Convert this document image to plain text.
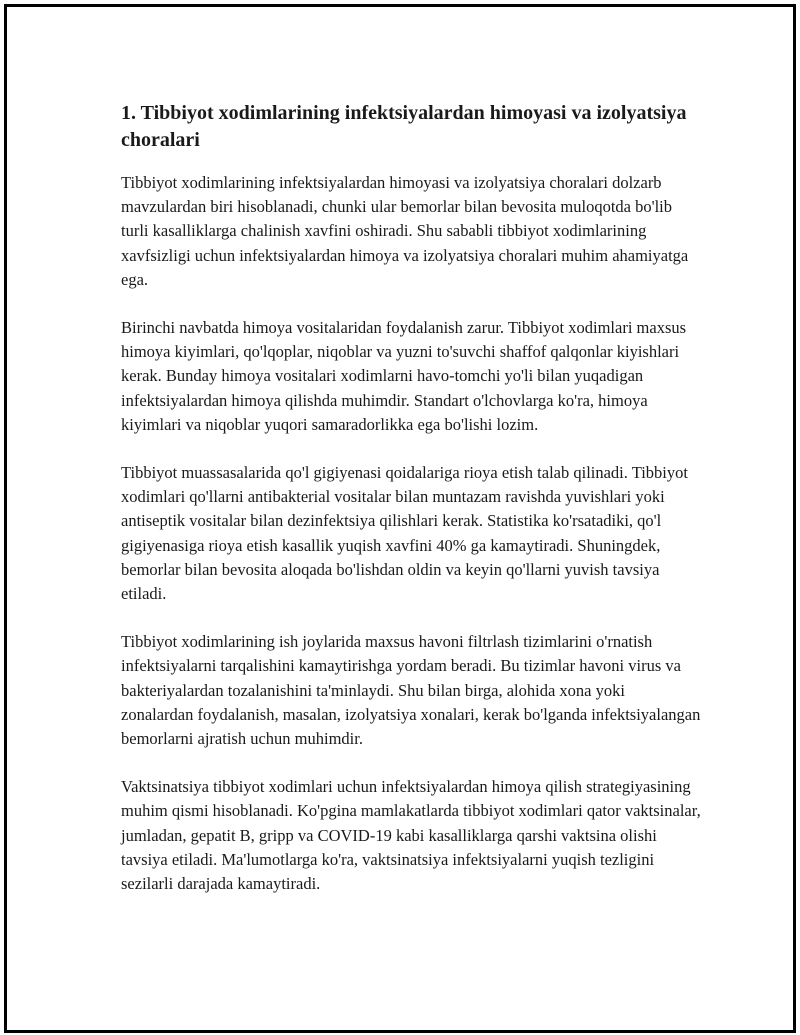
1. Tibbiyot xodimlarining infektsiyalardan himoyasi va izolyatsiya choralari

Tibbiyot xodimlarining infektsiyalardan himoyasi va izolyatsiya choralari dolzarb mavzulardan biri hisoblanadi, chunki ular bemorlar bilan bevosita muloqotda bo'lib turli kasalliklarga chalinish xavfini oshiradi. Shu sababli tibbiyot xodimlarining xavfsizligi uchun infektsiyalardan himoya va izolyatsiya choralari muhim ahamiyatga ega.

Birinchi navbatda himoya vositalaridan foydalanish zarur. Tibbiyot xodimlari maxsus himoya kiyimlari, qo'lqoplar, niqoblar va yuzni to'suvchi shaffof qalqonlar kiyishlari kerak. Bunday himoya vositalari xodimlarni havo-tomchi yo'li bilan yuqadigan infektsiyalardan himoya qilishda muhimdir. Standart o'lchovlarga ko'ra, himoya kiyimlari va niqoblar yuqori samaradorlikka ega bo'lishi lozim.

Tibbiyot muassasalarida qo'l gigiyenasi qoidalariga rioya etish talab qilinadi. Tibbiyot xodimlari qo'llarni antibakterial vositalar bilan muntazam ravishda yuvishlari yoki antiseptik vositalar bilan dezinfektsiya qilishlari kerak. Statistika ko'rsatadiki, qo'l gigiyenasiga rioya etish kasallik yuqish xavfini 40% ga kamaytiradi. Shuningdek, bemorlar bilan bevosita aloqada bo'lishdan oldin va keyin qo'llarni yuvish tavsiya etiladi.

Tibbiyot xodimlarining ish joylarida maxsus havoni filtrlash tizimlarini o'rnatish infektsiyalarni tarqalishini kamaytirishga yordam beradi. Bu tizimlar havoni virus va bakteriyalardan tozalanishini ta'minlaydi. Shu bilan birga, alohida xona yoki zonalardan foydalanish, masalan, izolyatsiya xonalari, kerak bo'lganda infektsiyalangan bemorlarni ajratish uchun muhimdir.

Vaktsinatsiya tibbiyot xodimlari uchun infektsiyalardan himoya qilish strategiyasining muhim qismi hisoblanadi. Ko'pgina mamlakatlarda tibbiyot xodimlari qator vaktsinalar, jumladan, gepatit B, gripp va COVID-19 kabi kasalliklarga qarshi vaktsina olishi tavsiya etiladi. Ma'lumotlarga ko'ra, vaktsinatsiya infektsiyalarni yuqish tezligini sezilarli darajada kamaytiradi.
